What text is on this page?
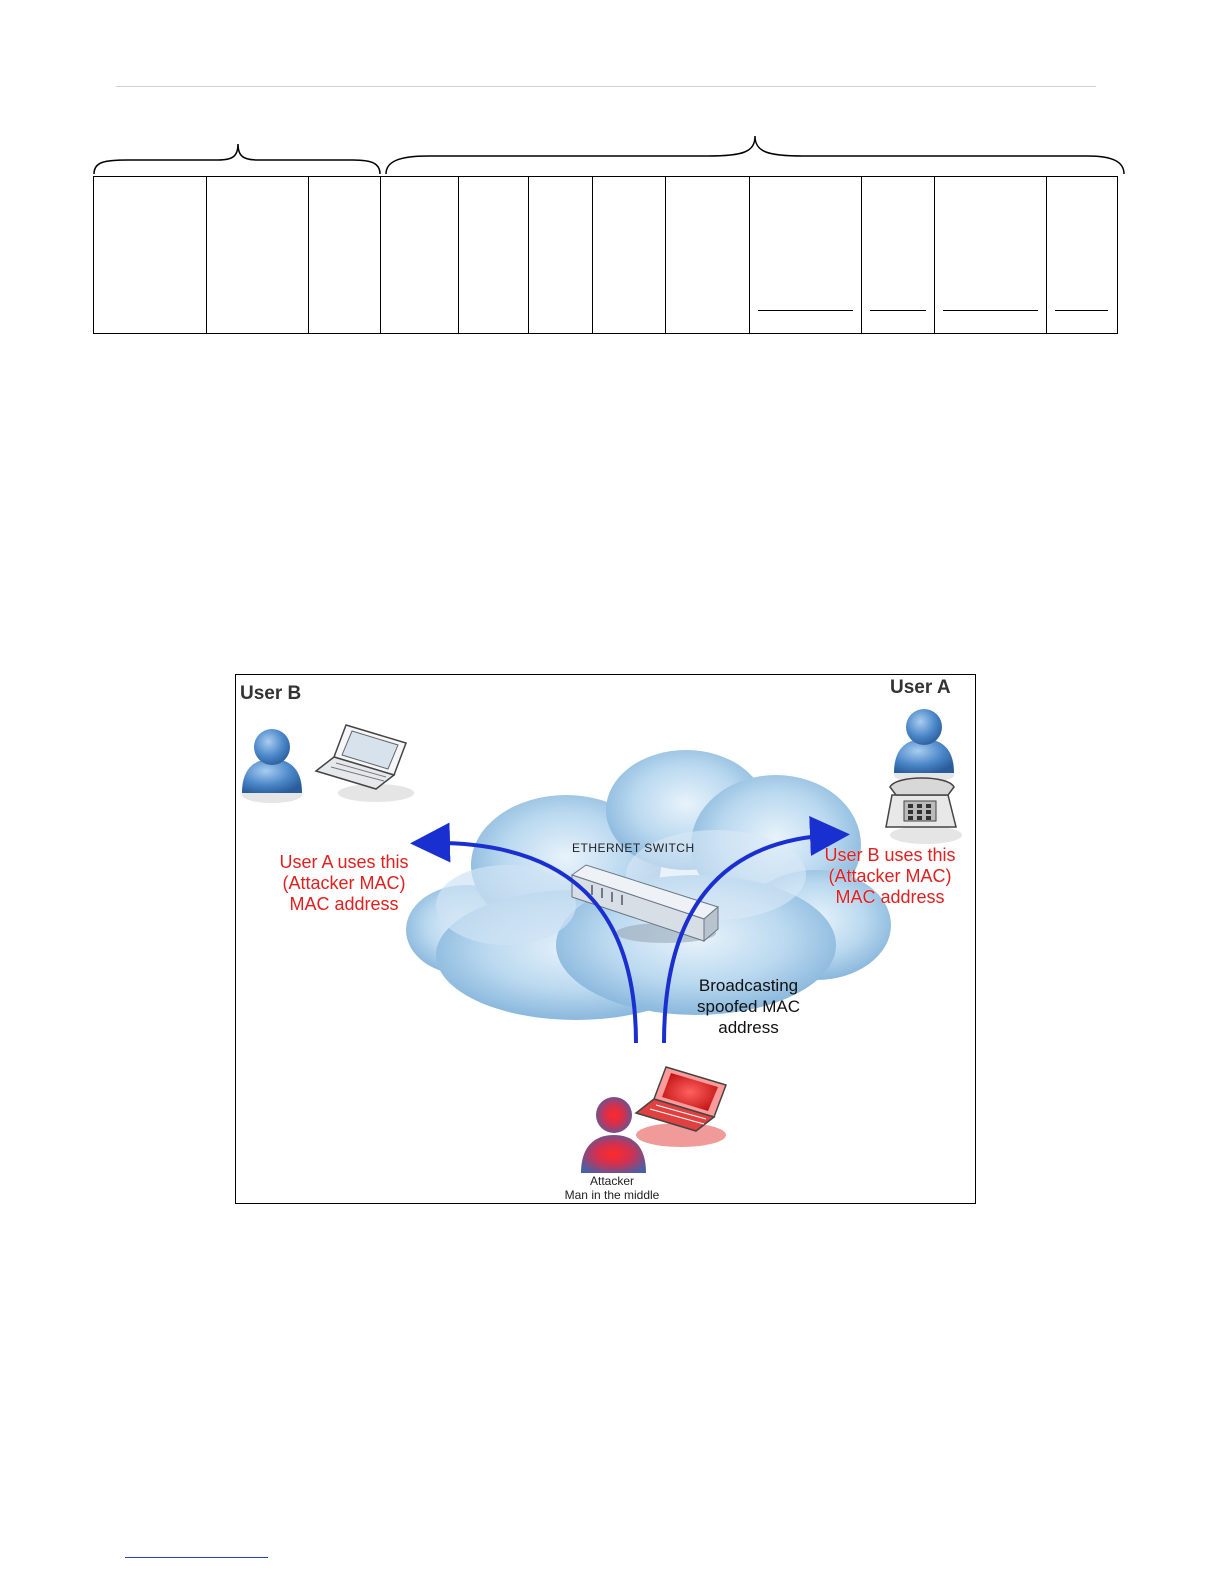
User B	User A
User A uses this
(Attacker MAC)
MAC address
User B uses this
(Attacker MAC)
MAC address
ETHERNET SWITCH
Broadcasting
spoofed MAC
address
Attacker
Man in the middle
